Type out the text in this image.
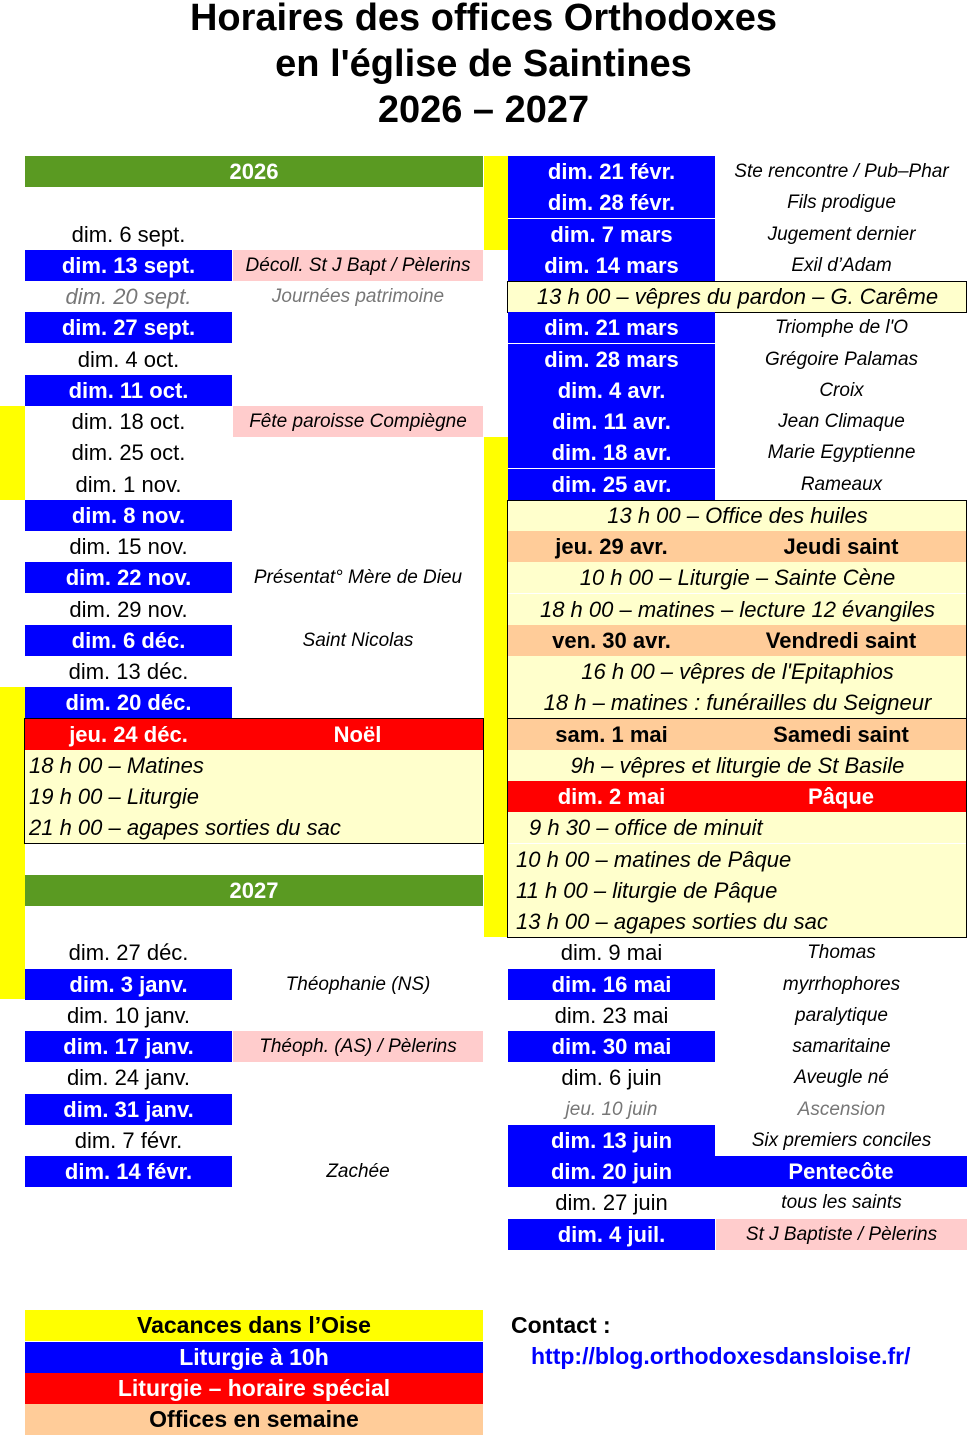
Horaires des offices Orthodoxes
en l'église de Saintines
2026 – 2027
2026
dim. 6 sept.
dim. 13 sept.	Décoll. St J Bapt / Pèlerins
dim. 20 sept.	Journées patrimoine
dim. 27 sept.
dim. 4 oct.
dim. 11 oct.
dim. 18 oct.	Fête paroisse Compiègne
dim. 25 oct.
dim. 1 nov.
dim. 8 nov.
dim. 15 nov.
dim. 22 nov.	Présentat° Mère de Dieu
dim. 29 nov.
dim. 6 déc.	Saint Nicolas
dim. 13 déc.
dim. 20 déc.
jeu. 24 déc.	Noël
18 h 00 – Matines
19 h 00 – Liturgie
21 h 00 – agapes sorties du sac
2027
dim. 27 déc.
dim. 3 janv.	Théophanie (NS)
dim. 10 janv.
dim. 17 janv.	Théoph. (AS) / Pèlerins
dim. 24 janv.
dim. 31 janv.
dim. 7 févr.
dim. 14 févr.	Zachée
dim. 21 févr.	Ste rencontre / Pub–Phar
dim. 28 févr.	Fils prodigue
dim. 7 mars	Jugement dernier
dim. 14 mars	Exil d’Adam
13 h 00 – vêpres du pardon – G. Carême
dim. 21 mars	Triomphe de l'O
dim. 28 mars	Grégoire Palamas
dim. 4 avr.	Croix
dim. 11 avr.	Jean Climaque
dim. 18 avr.	Marie Egyptienne
dim. 25 avr.	Rameaux
13 h 00 – Office des huiles
jeu. 29 avr.	Jeudi saint
10 h 00 – Liturgie – Sainte Cène
18 h 00 – matines – lecture 12 évangiles
ven. 30 avr.	Vendredi saint
16 h 00 – vêpres de l'Epitaphios
18 h – matines : funérailles du Seigneur
sam. 1 mai	Samedi saint
9h – vêpres et liturgie de St Basile
dim. 2 mai	Pâque
9 h 30 – office de minuit
10 h 00 – matines de Pâque
11 h 00 – liturgie de Pâque
13 h 00 – agapes sorties du sac
dim. 9 mai	Thomas
dim. 16 mai	myrrhophores
dim. 23 mai	paralytique
dim. 30 mai	samaritaine
dim. 6 juin	Aveugle né
jeu. 10 juin	Ascension
dim. 13 juin	Six premiers conciles
dim. 20 juin	Pentecôte
dim. 27 juin	tous les saints
dim. 4 juil.	St J Baptiste / Pèlerins
Vacances dans l’Oise
Liturgie à 10h
Liturgie – horaire spécial
Offices en semaine
Contact :
http://blog.orthodoxesdansloise.fr/
